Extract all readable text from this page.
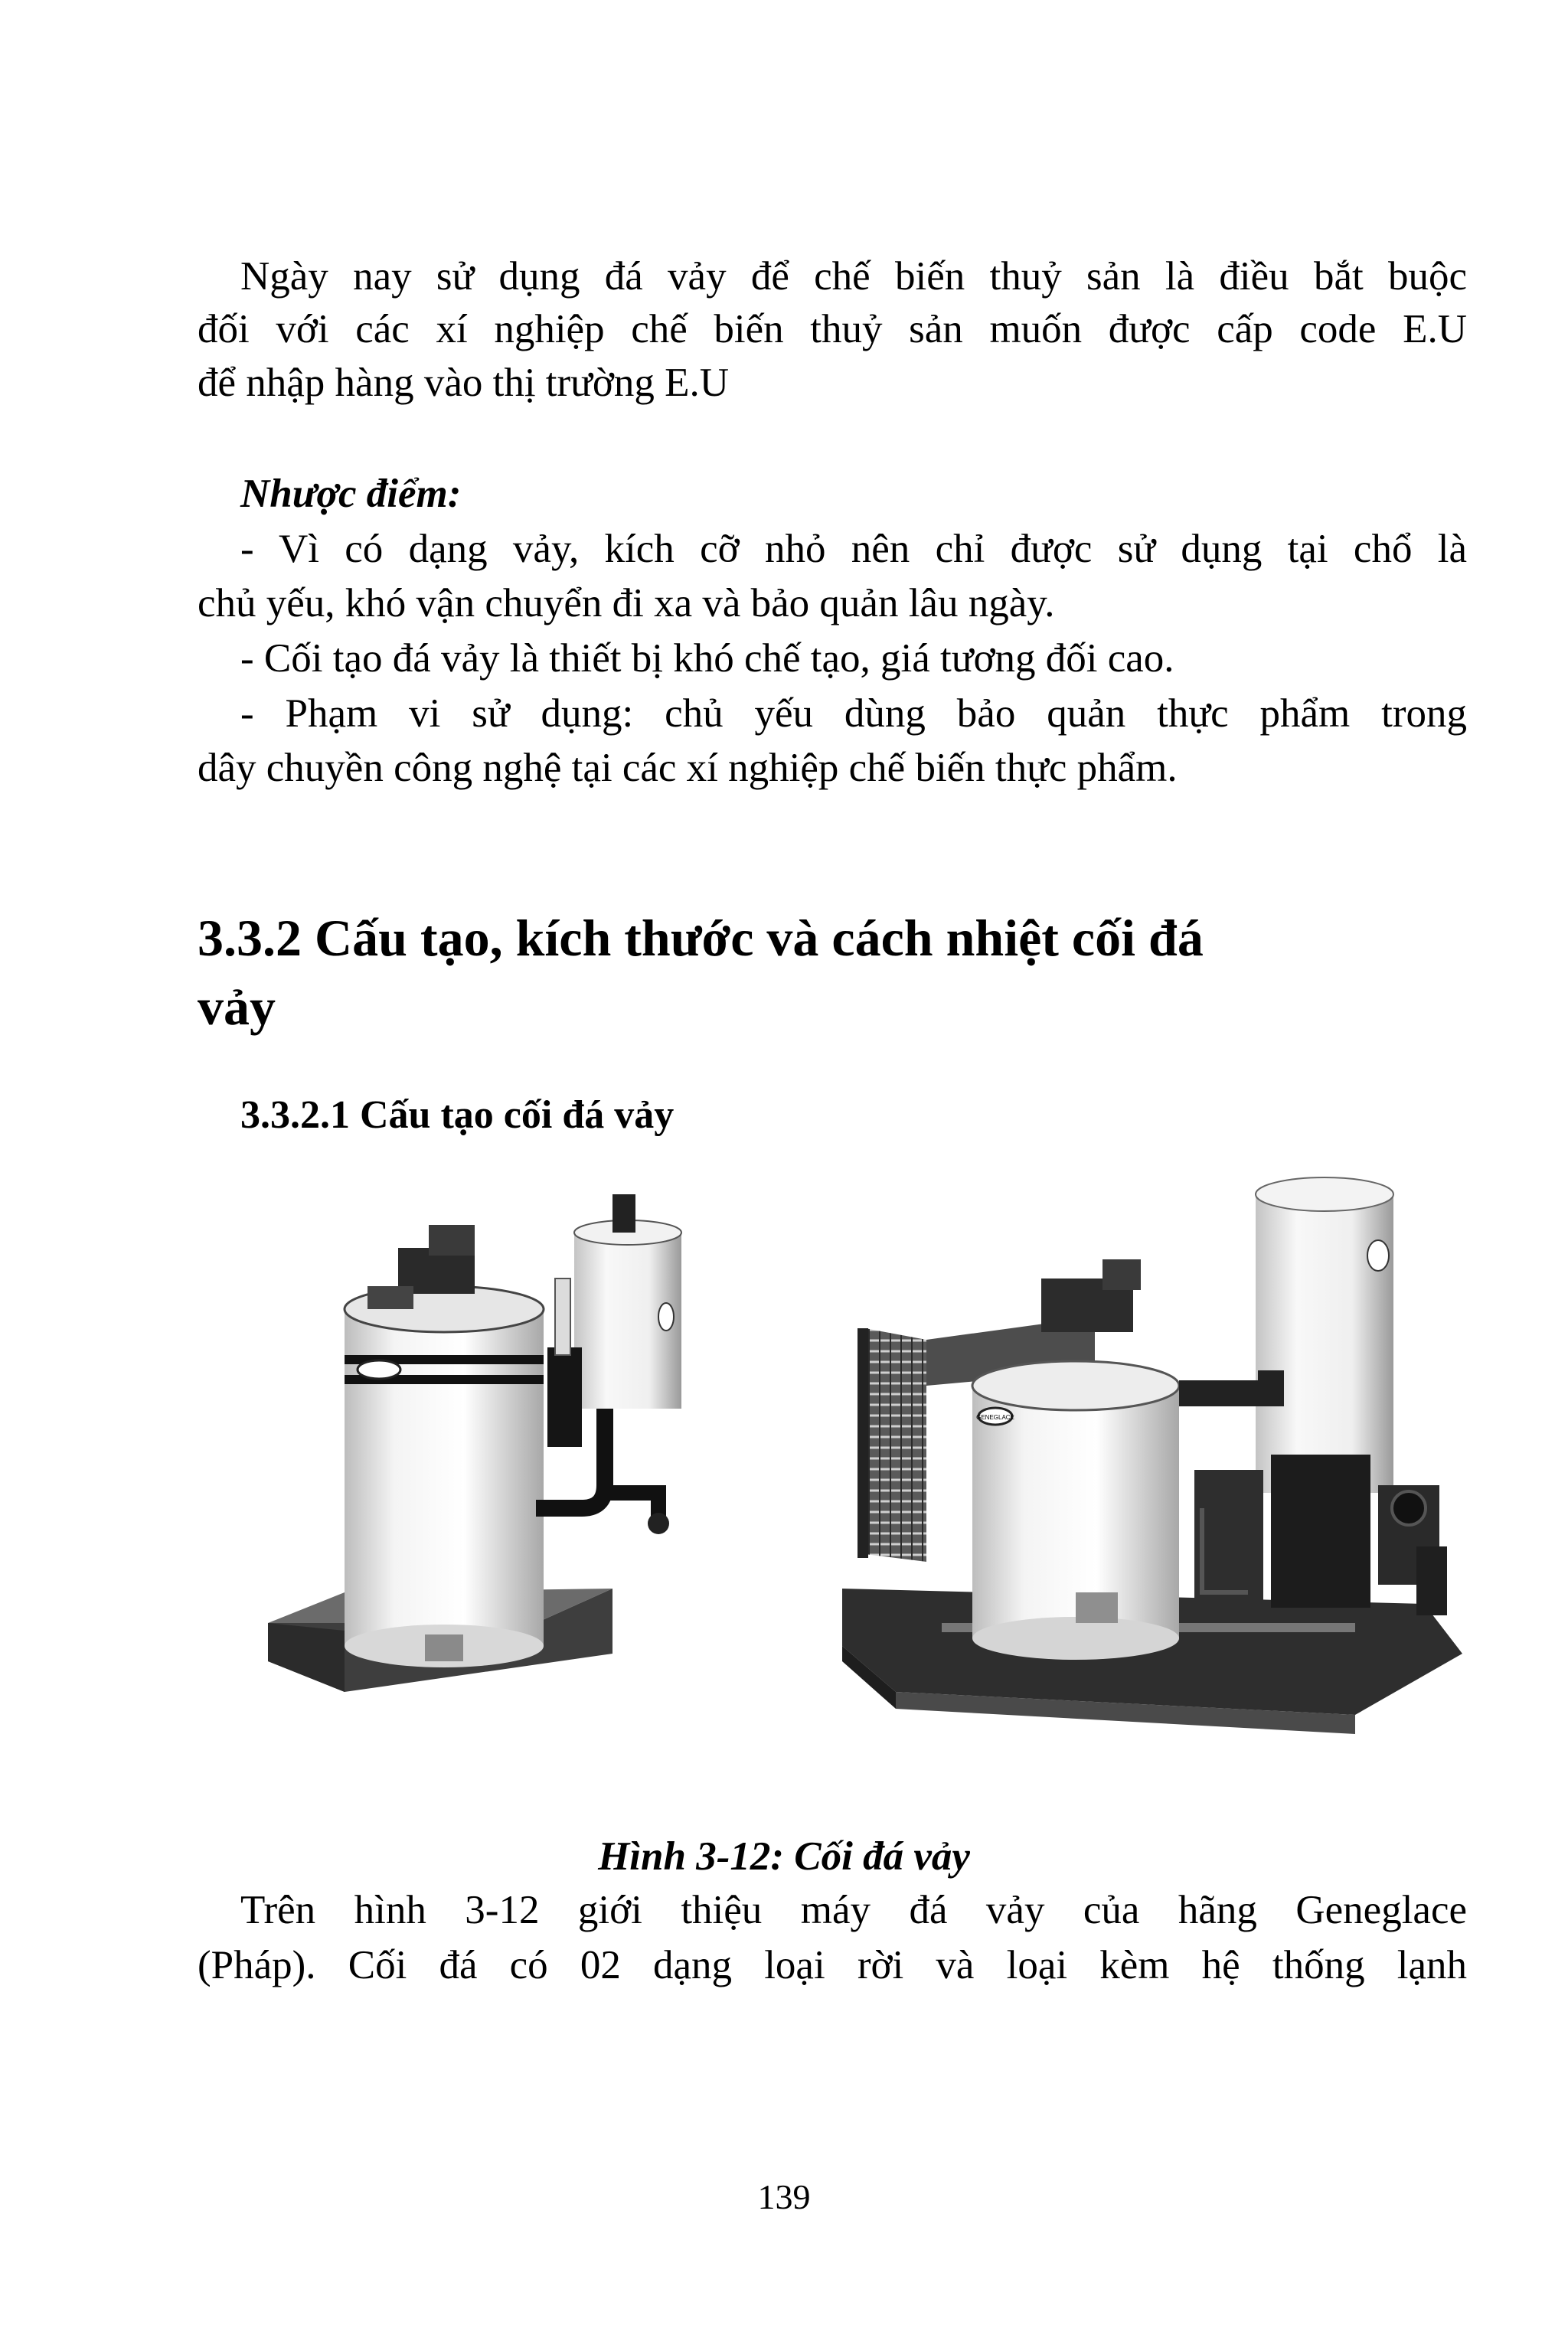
Ngày nay sử dụng đá vảy để chế biến thuỷ sản là điều bắt buộc
đối với các xí nghiệp chế biến thuỷ sản muốn được cấp code E.U
để nhập hàng vào thị trường E.U
Nhược điểm:
- Vì có dạng vảy, kích cỡ nhỏ nên chỉ được sử dụng tại chổ là
chủ yếu, khó vận chuyển đi xa và bảo quản lâu ngày.
- Cối tạo đá vảy là thiết bị khó chế tạo, giá tương đối cao.
- Phạm vi sử dụng: chủ yếu dùng bảo quản thực phẩm trong
dây chuyền công nghệ tại các xí nghiệp chế biến thực phẩm.
3.3.2 Cấu tạo, kích thước và cách nhiệt cối đá
vảy
3.3.2.1 Cấu tạo cối đá vảy
GENEGLACE
Hình 3-12: Cối đá vảy
Trên hình 3-12 giới thiệu máy đá vảy của hãng Geneglace
(Pháp). Cối đá có 02 dạng loại rời và loại kèm hệ thống lạnh
139
